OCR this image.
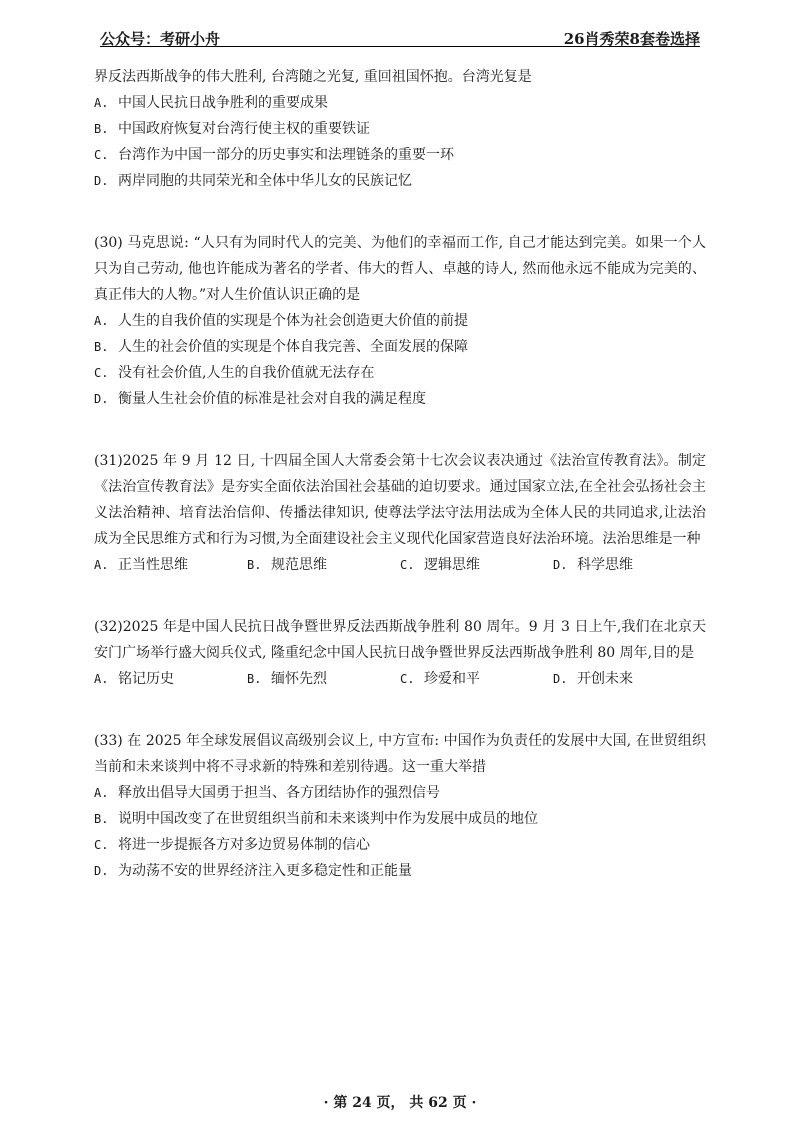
公众号：考研小舟	26肖秀荣8套卷选择

界反法西斯战争的伟大胜利, 台湾随之光复, 重回祖国怀抱。台湾光复是

A. 中国人民抗日战争胜利的重要成果

B. 中国政府恢复对台湾行使主权的重要铁证

C. 台湾作为中国一部分的历史事实和法理链条的重要一环

D. 两岸同胞的共同荣光和全体中华儿女的民族记忆

(30) 马克思说: “人只有为同时代人的完美、为他们的幸福而工作, 自己才能达到完美。如果一个人只为自己劳动, 他也许能成为著名的学者、伟大的哲人、卓越的诗人, 然而他永远不能成为完美的、真正伟大的人物。”对人生价值认识正确的是

A. 人生的自我价值的实现是个体为社会创造更大价值的前提

B. 人生的社会价值的实现是个体自我完善、全面发展的保障

C. 没有社会价值,人生的自我价值就无法存在

D. 衡量人生社会价值的标准是社会对自我的满足程度

(31)2025 年 9 月 12 日, 十四届全国人大常委会第十七次会议表决通过《法治宣传教育法》。制定《法治宣传教育法》是夯实全面依法治国社会基础的迫切要求。通过国家立法,在全社会弘扬社会主义法治精神、培育法治信仰、传播法律知识, 使尊法学法守法用法成为全体人民的共同追求,让法治成为全民思维方式和行为习惯,为全面建设社会主义现代化国家营造良好法治环境。法治思维是一种

A. 正当性思维	B. 规范思维	C. 逻辑思维	D. 科学思维

(32)2025 年是中国人民抗日战争暨世界反法西斯战争胜利 80 周年。9 月 3 日上午,我们在北京天安门广场举行盛大阅兵仪式, 隆重纪念中国人民抗日战争暨世界反法西斯战争胜利 80 周年,目的是

A. 铭记历史	B. 缅怀先烈	C. 珍爱和平	D. 开创未来

(33) 在 2025 年全球发展倡议高级别会议上, 中方宣布: 中国作为负责任的发展中大国, 在世贸组织当前和未来谈判中将不寻求新的特殊和差别待遇。这一重大举措

A. 释放出倡导大国勇于担当、各方团结协作的强烈信号

B. 说明中国改变了在世贸组织当前和未来谈判中作为发展中成员的地位

C. 将进一步提振各方对多边贸易体制的信心

D. 为动荡不安的世界经济注入更多稳定性和正能量

· 第 24 页， 共 62 页 ·
